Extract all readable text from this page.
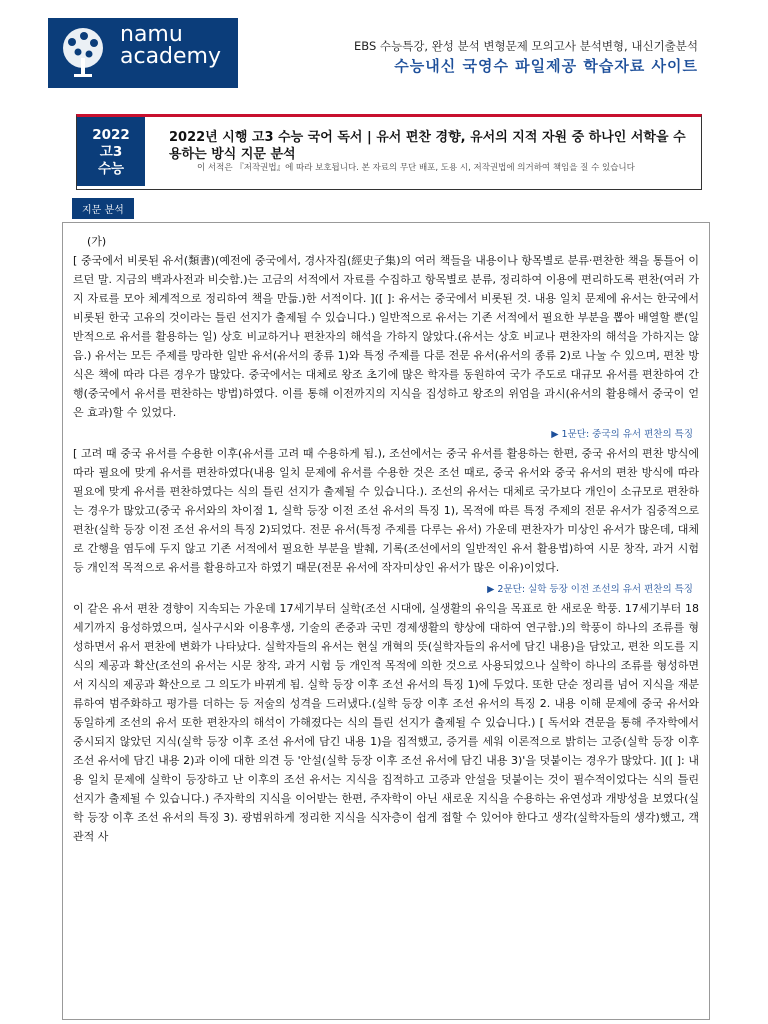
namu
academy	EBS 수능특강, 완성 분석 변형문제 모의고사 분석변형, 내신기출분석
수능내신 국영수 파일제공 학습자료 사이트
2022
고3
수능
2022년 시행 고3 수능 국어 독서 | 유서 편찬 경향, 유서의 지적 자원 중 하나인 서학을 수용하는 방식 지문 분석
이 서적은 『저작권법』에 따라 보호됩니다. 본 자료의 무단 배포, 도용 시, 저작권법에 의거하여 책임을 질 수 있습니다
지문 분석
(가)

[ 중국에서 비롯된 유서(類書)(예전에 중국에서, 경사자집(經史子集)의 여러 책들을 내용이나 항목별로 분류·편찬한 책을 통틀어 이르던 말. 지금의 백과사전과 비슷함.)는 고금의 서적에서 자료를 수집하고 항목별로 분류, 정리하여 이용에 편리하도록 편찬(여러 가지 자료를 모아 체계적으로 정리하여 책을 만듦.)한 서적이다. ]([ ]: 유서는 중국에서 비롯된 것. 내용 일치 문제에 유서는 한국에서 비롯된 한국 고유의 것이라는 틀린 선지가 출제될 수 있습니다.) 일반적으로 유서는 기존 서적에서 필요한 부분을 뽑아 배열할 뿐(일반적으로 유서를 활용하는 일) 상호 비교하거나 편찬자의 해석을 가하지 않았다.(유서는 상호 비교나 편찬자의 해석을 가하지는 않음.) 유서는 모든 주제를 망라한 일반 유서(유서의 종류 1)와 특정 주제를 다룬 전문 유서(유서의 종류 2)로 나눌 수 있으며, 편찬 방식은 책에 따라 다른 경우가 많았다. 중국에서는 대체로 왕조 초기에 많은 학자를 동원하여 국가 주도로 대규모 유서를 편찬하여 간행(중국에서 유서를 편찬하는 방법)하였다. 이를 통해 이전까지의 지식을 집성하고 왕조의 위엄을 과시(유서의 활용해서 중국이 얻은 효과)할 수 있었다.

▶ 1문단: 중국의 유서 편찬의 특징

[ 고려 때 중국 유서를 수용한 이후(유서를 고려 때 수용하게 됨.), 조선에서는 중국 유서를 활용하는 한편, 중국 유서의 편찬 방식에 따라 필요에 맞게 유서를 편찬하였다(내용 일치 문제에 유서를 수용한 것은 조선 때로, 중국 유서와 중국 유서의 편찬 방식에 따라 필요에 맞게 유서를 편찬하였다는 식의 틀린 선지가 출제될 수 있습니다.). 조선의 유서는 대체로 국가보다 개인이 소규모로 편찬하는 경우가 많았고(중국 유서와의 차이점 1, 실학 등장 이전 조선 유서의 특징 1), 목적에 따른 특정 주제의 전문 유서가 집중적으로 편찬(실학 등장 이전 조선 유서의 특징 2)되었다. 전문 유서(특정 주제를 다루는 유서) 가운데 편찬자가 미상인 유서가 많은데, 대체로 간행을 염두에 두지 않고 기존 서적에서 필요한 부분을 발췌, 기록(조선에서의 일반적인 유서 활용법)하여 시문 창작, 과거 시험 등 개인적 목적으로 유서를 활용하고자 하였기 때문(전문 유서에 작자미상인 유서가 많은 이유)이었다.

▶ 2문단: 실학 등장 이전 조선의 유서 편찬의 특징

이 같은 유서 편찬 경향이 지속되는 가운데 17세기부터 실학(조선 시대에, 실생활의 유익을 목표로 한 새로운 학풍. 17세기부터 18세기까지 융성하였으며, 실사구시와 이용후생, 기술의 존중과 국민 경제생활의 향상에 대하여 연구함.)의 학풍이 하나의 조류를 형성하면서 유서 편찬에 변화가 나타났다. 실학자들의 유서는 현실 개혁의 뜻(실학자들의 유서에 담긴 내용)을 담았고, 편찬 의도를 지식의 제공과 확산(조선의 유서는 시문 창작, 과거 시험 등 개인적 목적에 의한 것으로 사용되었으나 실학이 하나의 조류를 형성하면서 지식의 제공과 확산으로 그 의도가 바뀌게 됨. 실학 등장 이후 조선 유서의 특징 1)에 두었다. 또한 단순 정리를 넘어 지식을 재분류하여 범주화하고 평가를 더하는 등 저술의 성격을 드러냈다.(실학 등장 이후 조선 유서의 특징 2. 내용 이해 문제에 중국 유서와 동일하게 조선의 유서 또한 편찬자의 해석이 가해졌다는 식의 틀린 선지가 출제될 수 있습니다.) [ 독서와 견문을 통해 주자학에서 중시되지 않았던 지식(실학 등장 이후 조선 유서에 담긴 내용 1)을 집적했고, 증거를 세워 이론적으로 밝히는 고증(실학 등장 이후 조선 유서에 담긴 내용 2)과 이에 대한 의견 등 '안설(실학 등장 이후 조선 유서에 담긴 내용 3)'을 덧붙이는 경우가 많았다. ]([ ]: 내용 일치 문제에 실학이 등장하고 난 이후의 조선 유서는 지식을 집적하고 고증과 안설을 덧붙이는 것이 필수적이었다는 식의 틀린 선지가 출제될 수 있습니다.) 주자학의 지식을 이어받는 한편, 주자학이 아닌 새로운 지식을 수용하는 유연성과 개방성을 보였다(실학 등장 이후 조선 유서의 특징 3). 광범위하게 정리한 지식을 식자층이 쉽게 접할 수 있어야 한다고 생각(실학자들의 생각)했고, 객관적 사
